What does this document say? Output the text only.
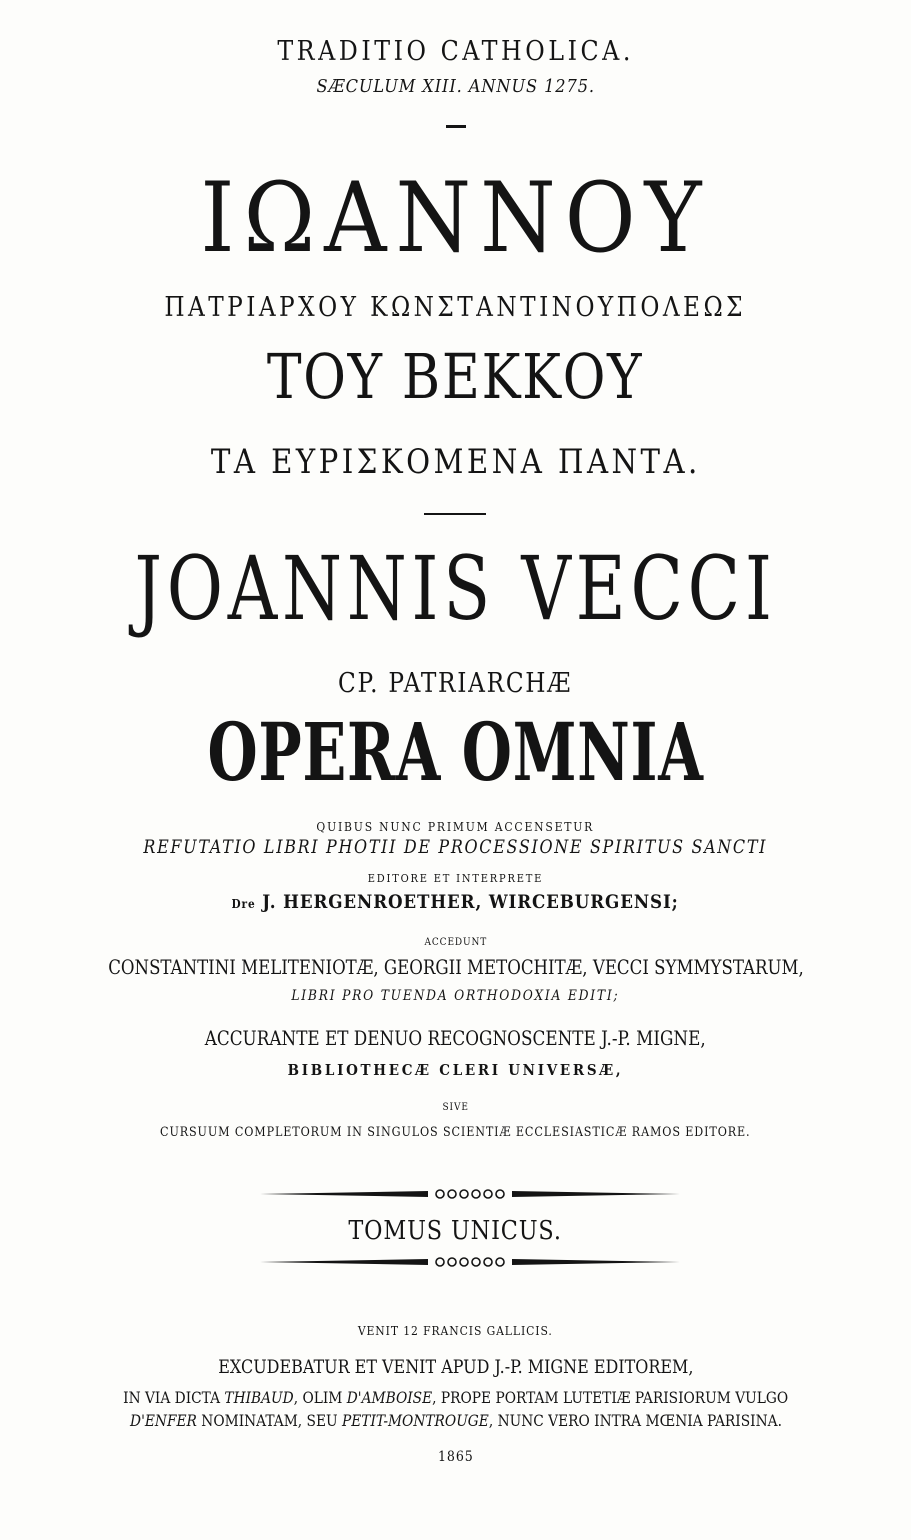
TRADITIO CATHOLICA.
SÆCULUM XIII. ANNUS 1275.
ΙΩΑΝΝΟΥ
ΠΑΤΡΙΑΡΧΟΥ ΚΩΝΣΤΑΝΤΙΝΟΥΠΟΛΕΩΣ
ΤΟΥ ΒΕΚΚΟΥ
ΤΑ ΕΥΡΙΣΚΟΜΕΝΑ ΠΑΝΤΑ.
JOANNIS VECCI
CP. PATRIARCHÆ
OPERA OMNIA
QUIBUS NUNC PRIMUM ACCENSETUR
REFUTATIO LIBRI PHOTII DE PROCESSIONE SPIRITUS SANCTI
EDITORE ET INTERPRETE
Dre J. HERGENROETHER, WIRCEBURGENSI;
ACCEDUNT
CONSTANTINI MELITENIOTÆ, GEORGII METOCHITÆ, VECCI SYMMYSTARUM,
LIBRI PRO TUENDA ORTHODOXIA EDITI;
ACCURANTE ET DENUO RECOGNOSCENTE J.-P. MIGNE,
BIBLIOTHECÆ CLERI UNIVERSÆ,
SIVE
CURSUUM COMPLETORUM IN SINGULOS SCIENTIÆ ECCLESIASTICÆ RAMOS EDITORE.
TOMUS UNICUS.
VENIT 12 FRANCIS GALLICIS.
EXCUDEBATUR ET VENIT APUD J.-P. MIGNE EDITOREM,
IN VIA DICTA THIBAUD, OLIM D'AMBOISE, PROPE PORTAM LUTETIÆ PARISIORUM VULGO
D'ENFER NOMINATAM, SEU PETIT-MONTROUGE, NUNC VERO INTRA MŒNIA PARISINA.
1865
